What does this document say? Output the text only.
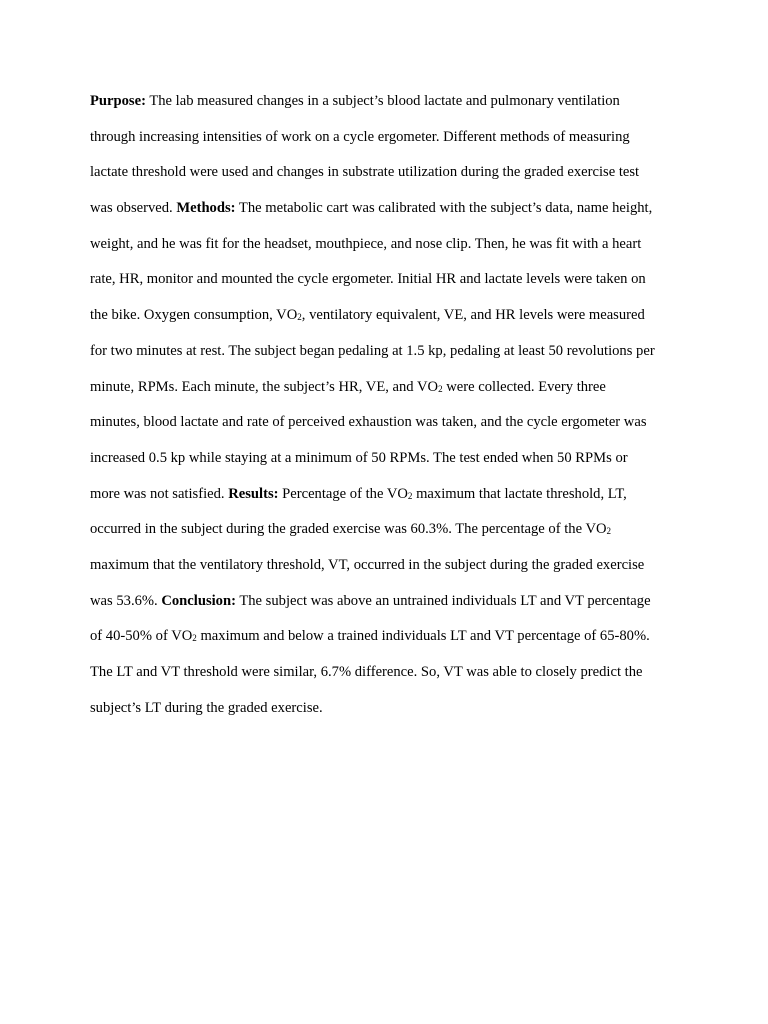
Purpose: The lab measured changes in a subject’s blood lactate and pulmonary ventilation
through increasing intensities of work on a cycle ergometer. Different methods of measuring
lactate threshold were used and changes in substrate utilization during the graded exercise test
was observed. Methods: The metabolic cart was calibrated with the subject’s data, name height,
weight, and he was fit for the headset, mouthpiece, and nose clip. Then, he was fit with a heart
rate, HR, monitor and mounted the cycle ergometer. Initial HR and lactate levels were taken on
the bike. Oxygen consumption, $VO_2$, ventilatory equivalent, VE, and HR levels were measured
for two minutes at rest. The subject began pedaling at 1.5 kp, pedaling at least 50 revolutions per
minute, RPMs. Each minute, the subject’s HR, VE, and $VO_2$ were collected. Every three
minutes, blood lactate and rate of perceived exhaustion was taken, and the cycle ergometer was
increased 0.5 kp while staying at a minimum of 50 RPMs. The test ended when 50 RPMs or
more was not satisfied. Results: Percentage of the $VO_2$ maximum that lactate threshold, LT,
occurred in the subject during the graded exercise was 60.3%. The percentage of the $VO_2$
maximum that the ventilatory threshold, VT, occurred in the subject during the graded exercise
was 53.6%. Conclusion: The subject was above an untrained individuals LT and VT percentage
of 40-50% of $VO_2$ maximum and below a trained individuals LT and VT percentage of 65-80%.
The LT and VT threshold were similar, 6.7% difference. So, VT was able to closely predict the
subject’s LT during the graded exercise.
